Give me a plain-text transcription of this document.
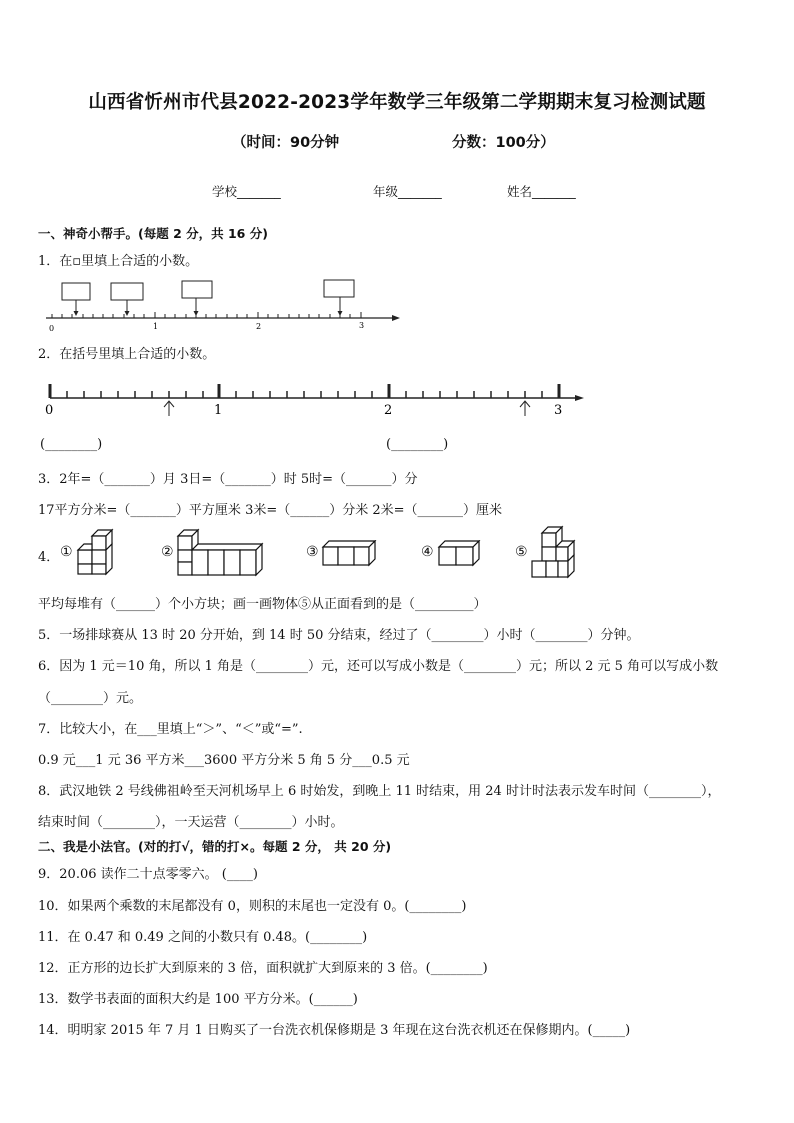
山西省忻州市代县2022-2023学年数学三年级第二学期期末复习检测试题
（时间：90分钟	分数：100分）
学校_______	年级_______	姓名_______
一、神奇小帮手。(每题 2 分，共 16 分)
1．在▫里填上合适的小数。
0	1	2	3
2．在括号里填上合适的小数。
0	1	2	3
(________)	(________)
3．2年=（_______）月 3日=（_______）时 5时=（_______）分
17平方分米=（_______）平方厘米 3米=（______）分米 2米=（_______）厘米
4． ①	②	③	④	⑤
平均每堆有（______）个小方块；画一画物体⑤从正面看到的是（_________）
5．一场排球赛从 13 时 20 分开始，到 14 时 50 分结束，经过了（________）小时（________）分钟。
6．因为 1 元＝10 角，所以 1 角是（________）元，还可以写成小数是（________）元；所以 2 元 5 角可以写成小数
（________）元。
7．比较大小，在___里填上“＞”、“＜”或“=”.
0.9 元___1 元 36 平方米___3600 平方分米 5 角 5 分___0.5 元
8．武汉地铁 2 号线佛祖岭至天河机场早上 6 时始发，到晚上 11 时结束，用 24 时计时法表示发车时间（________），
结束时间（________），一天运营（________）小时。
二、我是小法官。(对的打√，错的打×。每题 2 分， 共 20 分)
9．20.06 读作二十点零零六。 (____)
10．如果两个乘数的末尾都没有 0，则积的末尾也一定没有 0。(________)
11．在 0.47 和 0.49 之间的小数只有 0.48。(________)
12．正方形的边长扩大到原来的 3 倍，面积就扩大到原来的 3 倍。(________)
13．数学书表面的面积大约是 100 平方分米。(______)
14．明明家 2015 年 7 月 1 日购买了一台洗衣机保修期是 3 年现在这台洗衣机还在保修期内。(_____)
